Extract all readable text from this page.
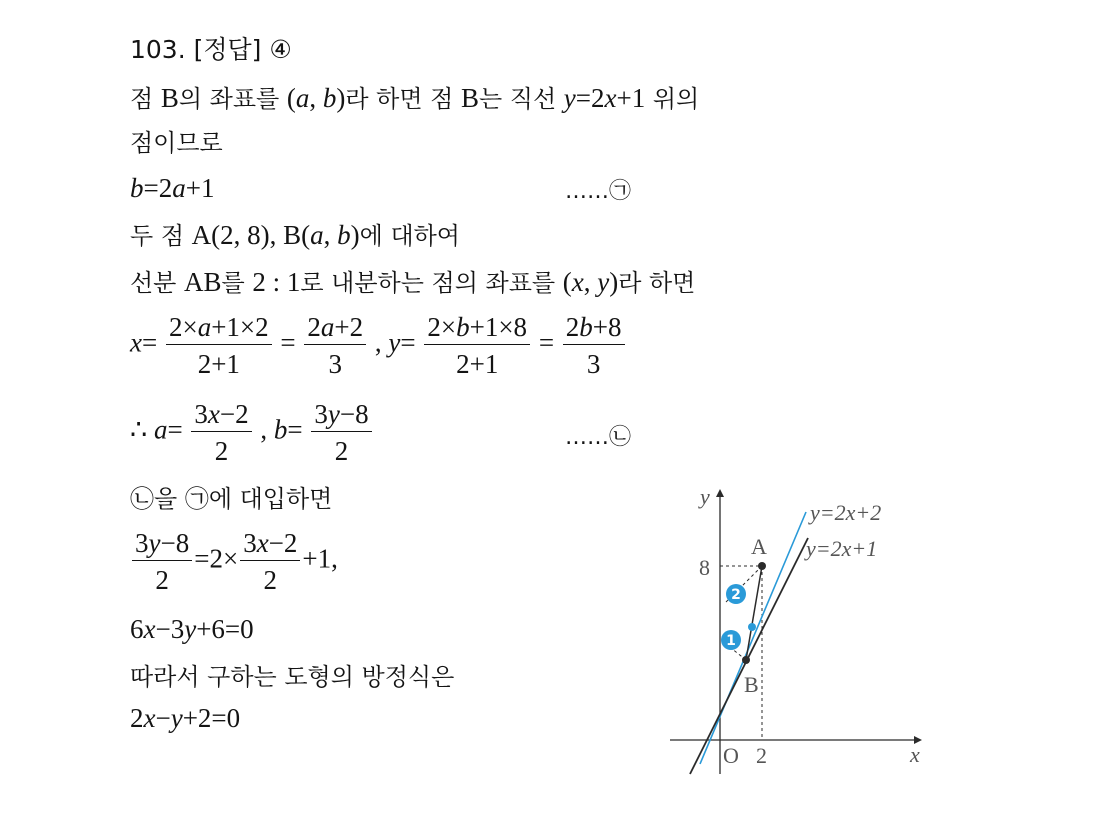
103. [정답] ④
점 B의 좌표를 (a, b)라 하면 점 B는 직선 y=2x+1 위의
점이므로
b=2a+1	……㉠
두 점 A(2, 8), B(a, b)에 대하여
선분 AB를 2 : 1로 내분하는 점의 좌표를 (x, y)라 하면
$x= \frac{2\times a+1\times 2}{2+1} = \frac{2a+2}{3}$ , $y= \frac{2\times b+1\times 8}{2+1} = \frac{2b+8}{3}$
∴ $a= \frac{3x-2}{2}$ , $b= \frac{3y-8}{2}$	……㉡
㉡을 ㉠에 대입하면
$\frac{3y-8}{2} =2\times \frac{3x-2}{2} +1$,
6x−3y+6=0
따라서 구하는 도형의 방정식은
2x−y+2=0
2
1
y
x
O 2
8
A
B
y=2x+2
y=2x+1
